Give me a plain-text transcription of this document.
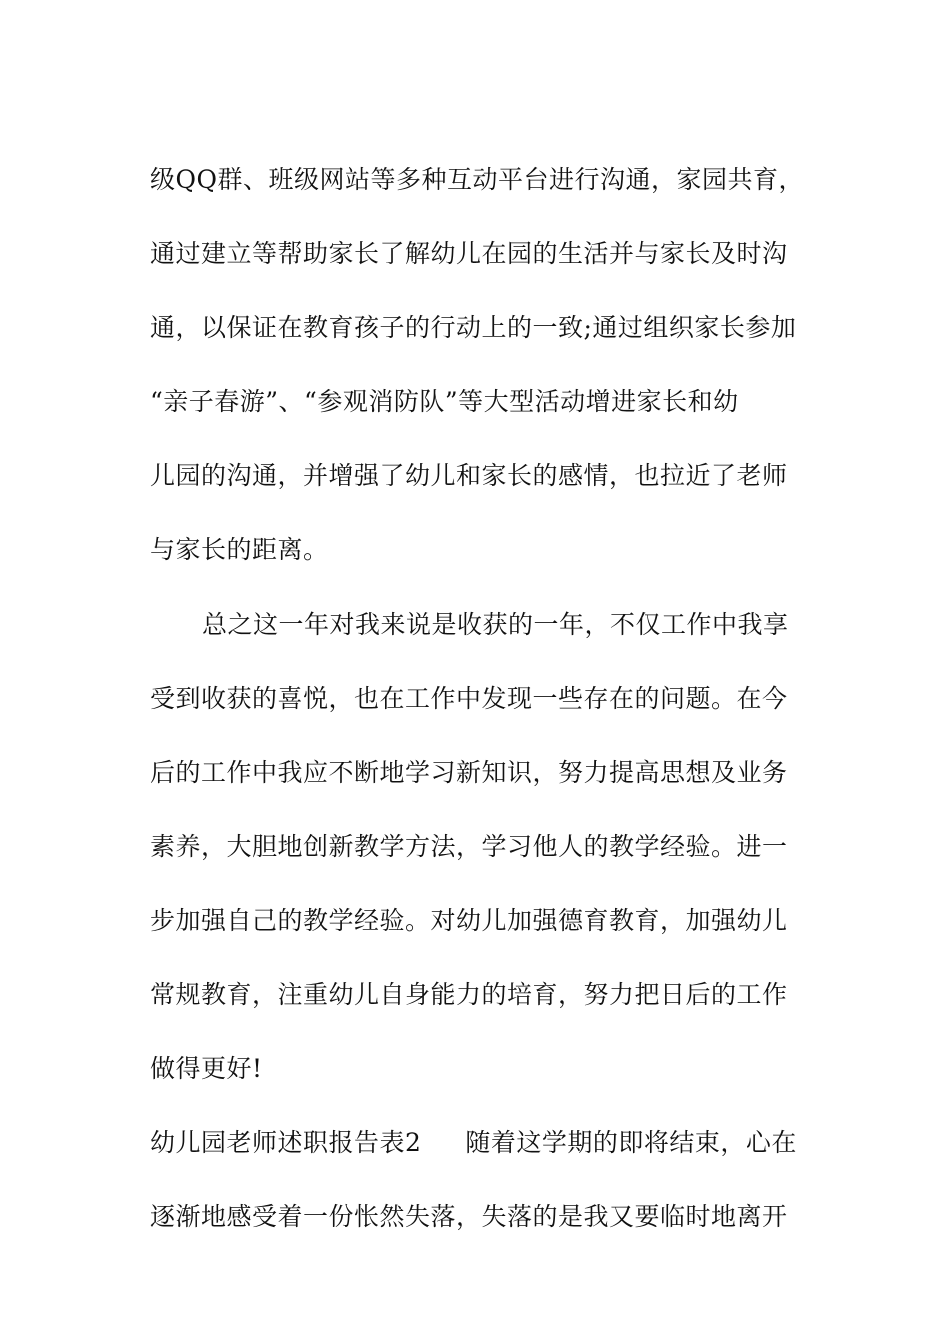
级QQ群、班级网站等多种互动平台进行沟通，家园共育，
通过建立等帮助家长了解幼儿在园的生活并与家长及时沟
通，以保证在教育孩子的行动上的一致;通过组织家长参加
“亲子春游”、“参观消防队”等大型活动增进家长和幼
儿园的沟通，并增强了幼儿和家长的感情，也拉近了老师
与家长的距离。
总之这一年对我来说是收获的一年，不仅工作中我享
受到收获的喜悦，也在工作中发现一些存在的问题。在今
后的工作中我应不断地学习新知识，努力提高思想及业务
素养，大胆地创新教学方法，学习他人的教学经验。进一
步加强自己的教学经验。对幼儿加强德育教育，加强幼儿
常规教育，注重幼儿自身能力的培育，努力把日后的工作
做得更好!
幼儿园老师述职报告表2 随着这学期的即将结束，心在
逐渐地感受着一份怅然失落，失落的是我又要临时地离开
